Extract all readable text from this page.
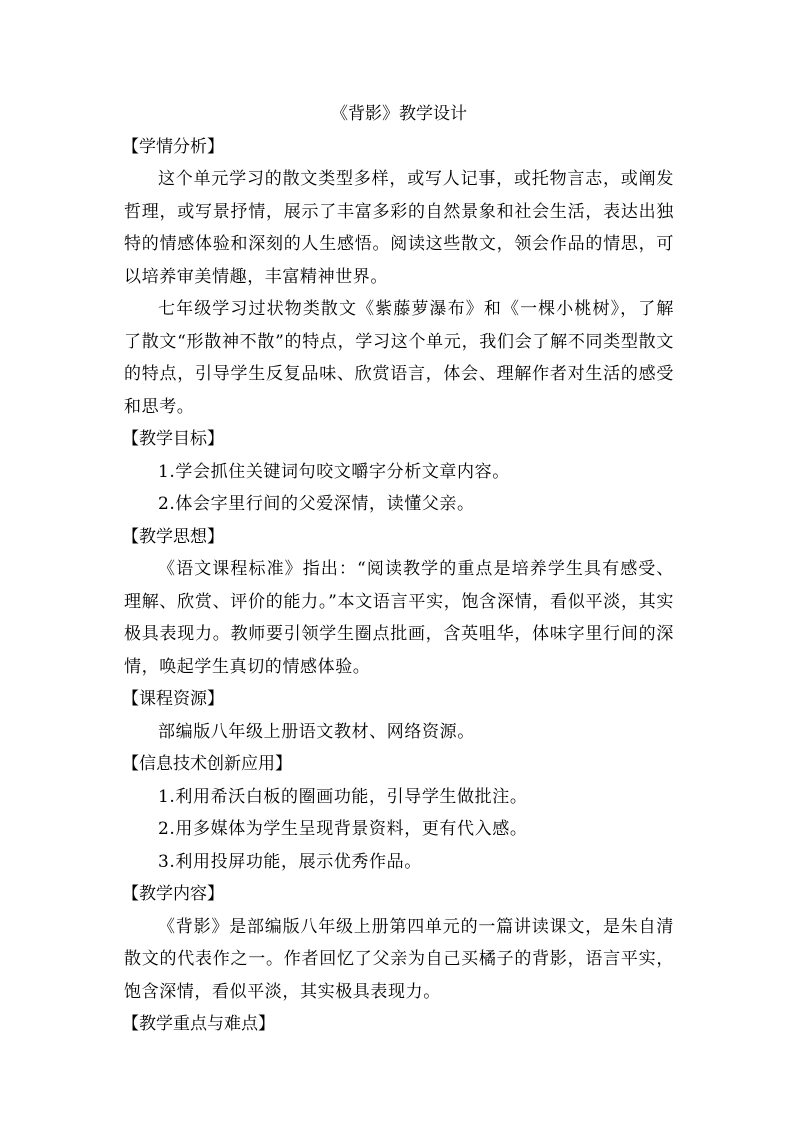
《背影》教学设计

【学情分析】

这个单元学习的散文类型多样，或写人记事，或托物言志，或阐发哲理，或写景抒情，展示了丰富多彩的自然景象和社会生活，表达出独特的情感体验和深刻的人生感悟。阅读这些散文，领会作品的情思，可以培养审美情趣，丰富精神世界。

七年级学习过状物类散文《紫藤萝瀑布》和《一棵小桃树》，了解了散文“形散神不散”的特点，学习这个单元，我们会了解不同类型散文的特点，引导学生反复品味、欣赏语言，体会、理解作者对生活的感受和思考。

【教学目标】

1.学会抓住关键词句咬文嚼字分析文章内容。

2.体会字里行间的父爱深情，读懂父亲。

【教学思想】

《语文课程标准》指出：“阅读教学的重点是培养学生具有感受、理解、欣赏、评价的能力。”本文语言平实，饱含深情，看似平淡，其实极具表现力。教师要引领学生圈点批画，含英咀华，体味字里行间的深情，唤起学生真切的情感体验。

【课程资源】

部编版八年级上册语文教材、网络资源。

【信息技术创新应用】

1.利用希沃白板的圈画功能，引导学生做批注。

2.用多媒体为学生呈现背景资料，更有代入感。

3.利用投屏功能，展示优秀作品。

【教学内容】

《背影》是部编版八年级上册第四单元的一篇讲读课文，是朱自清散文的代表作之一。作者回忆了父亲为自己买橘子的背影，语言平实，饱含深情，看似平淡，其实极具表现力。

【教学重点与难点】
